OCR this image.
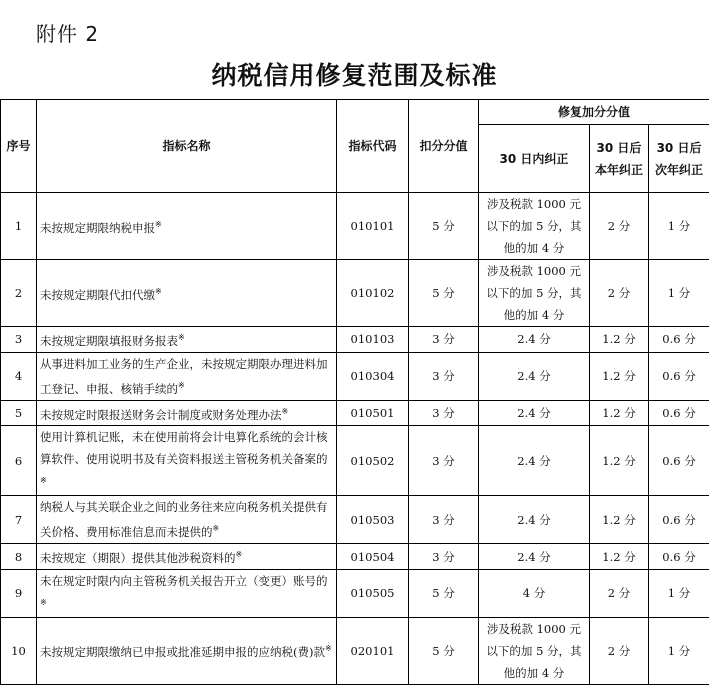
附件 2
纳税信用修复范围及标准
序号	指标名称	指标代码	扣分分值	修复加分分值		
				30 日内纠正	30 日后本年纠正	30 日后次年纠正
1	未按规定期限纳税申报※	010101	5 分	涉及税款 1000 元以下的加 5 分，其他的加 4 分	2 分	1 分
2	未按规定期限代扣代缴※	010102	5 分	涉及税款 1000 元以下的加 5 分，其他的加 4 分	2 分	1 分
3	未按规定期限填报财务报表※	010103	3 分	2.4 分	1.2 分	0.6 分
4	从事进料加工业务的生产企业，未按规定期限办理进料加工登记、申报、核销手续的※	010304	3 分	2.4 分	1.2 分	0.6 分
5	未按规定时限报送财务会计制度或财务处理办法※	010501	3 分	2.4 分	1.2 分	0.6 分
6	使用计算机记账，未在使用前将会计电算化系统的会计核算软件、使用说明书及有关资料报送主管税务机关备案的※	010502	3 分	2.4 分	1.2 分	0.6 分
7	纳税人与其关联企业之间的业务往来应向税务机关提供有关价格、费用标准信息而未提供的※	010503	3 分	2.4 分	1.2 分	0.6 分
8	未按规定（期限）提供其他涉税资料的※	010504	3 分	2.4 分	1.2 分	0.6 分
9	未在规定时限内向主管税务机关报告开立（变更）账号的※	010505	5 分	4 分	2 分	1 分
10	未按规定期限缴纳已申报或批准延期申报的应纳税(费)款※	020101	5 分	涉及税款 1000 元以下的加 5 分，其他的加 4 分	2 分	1 分
